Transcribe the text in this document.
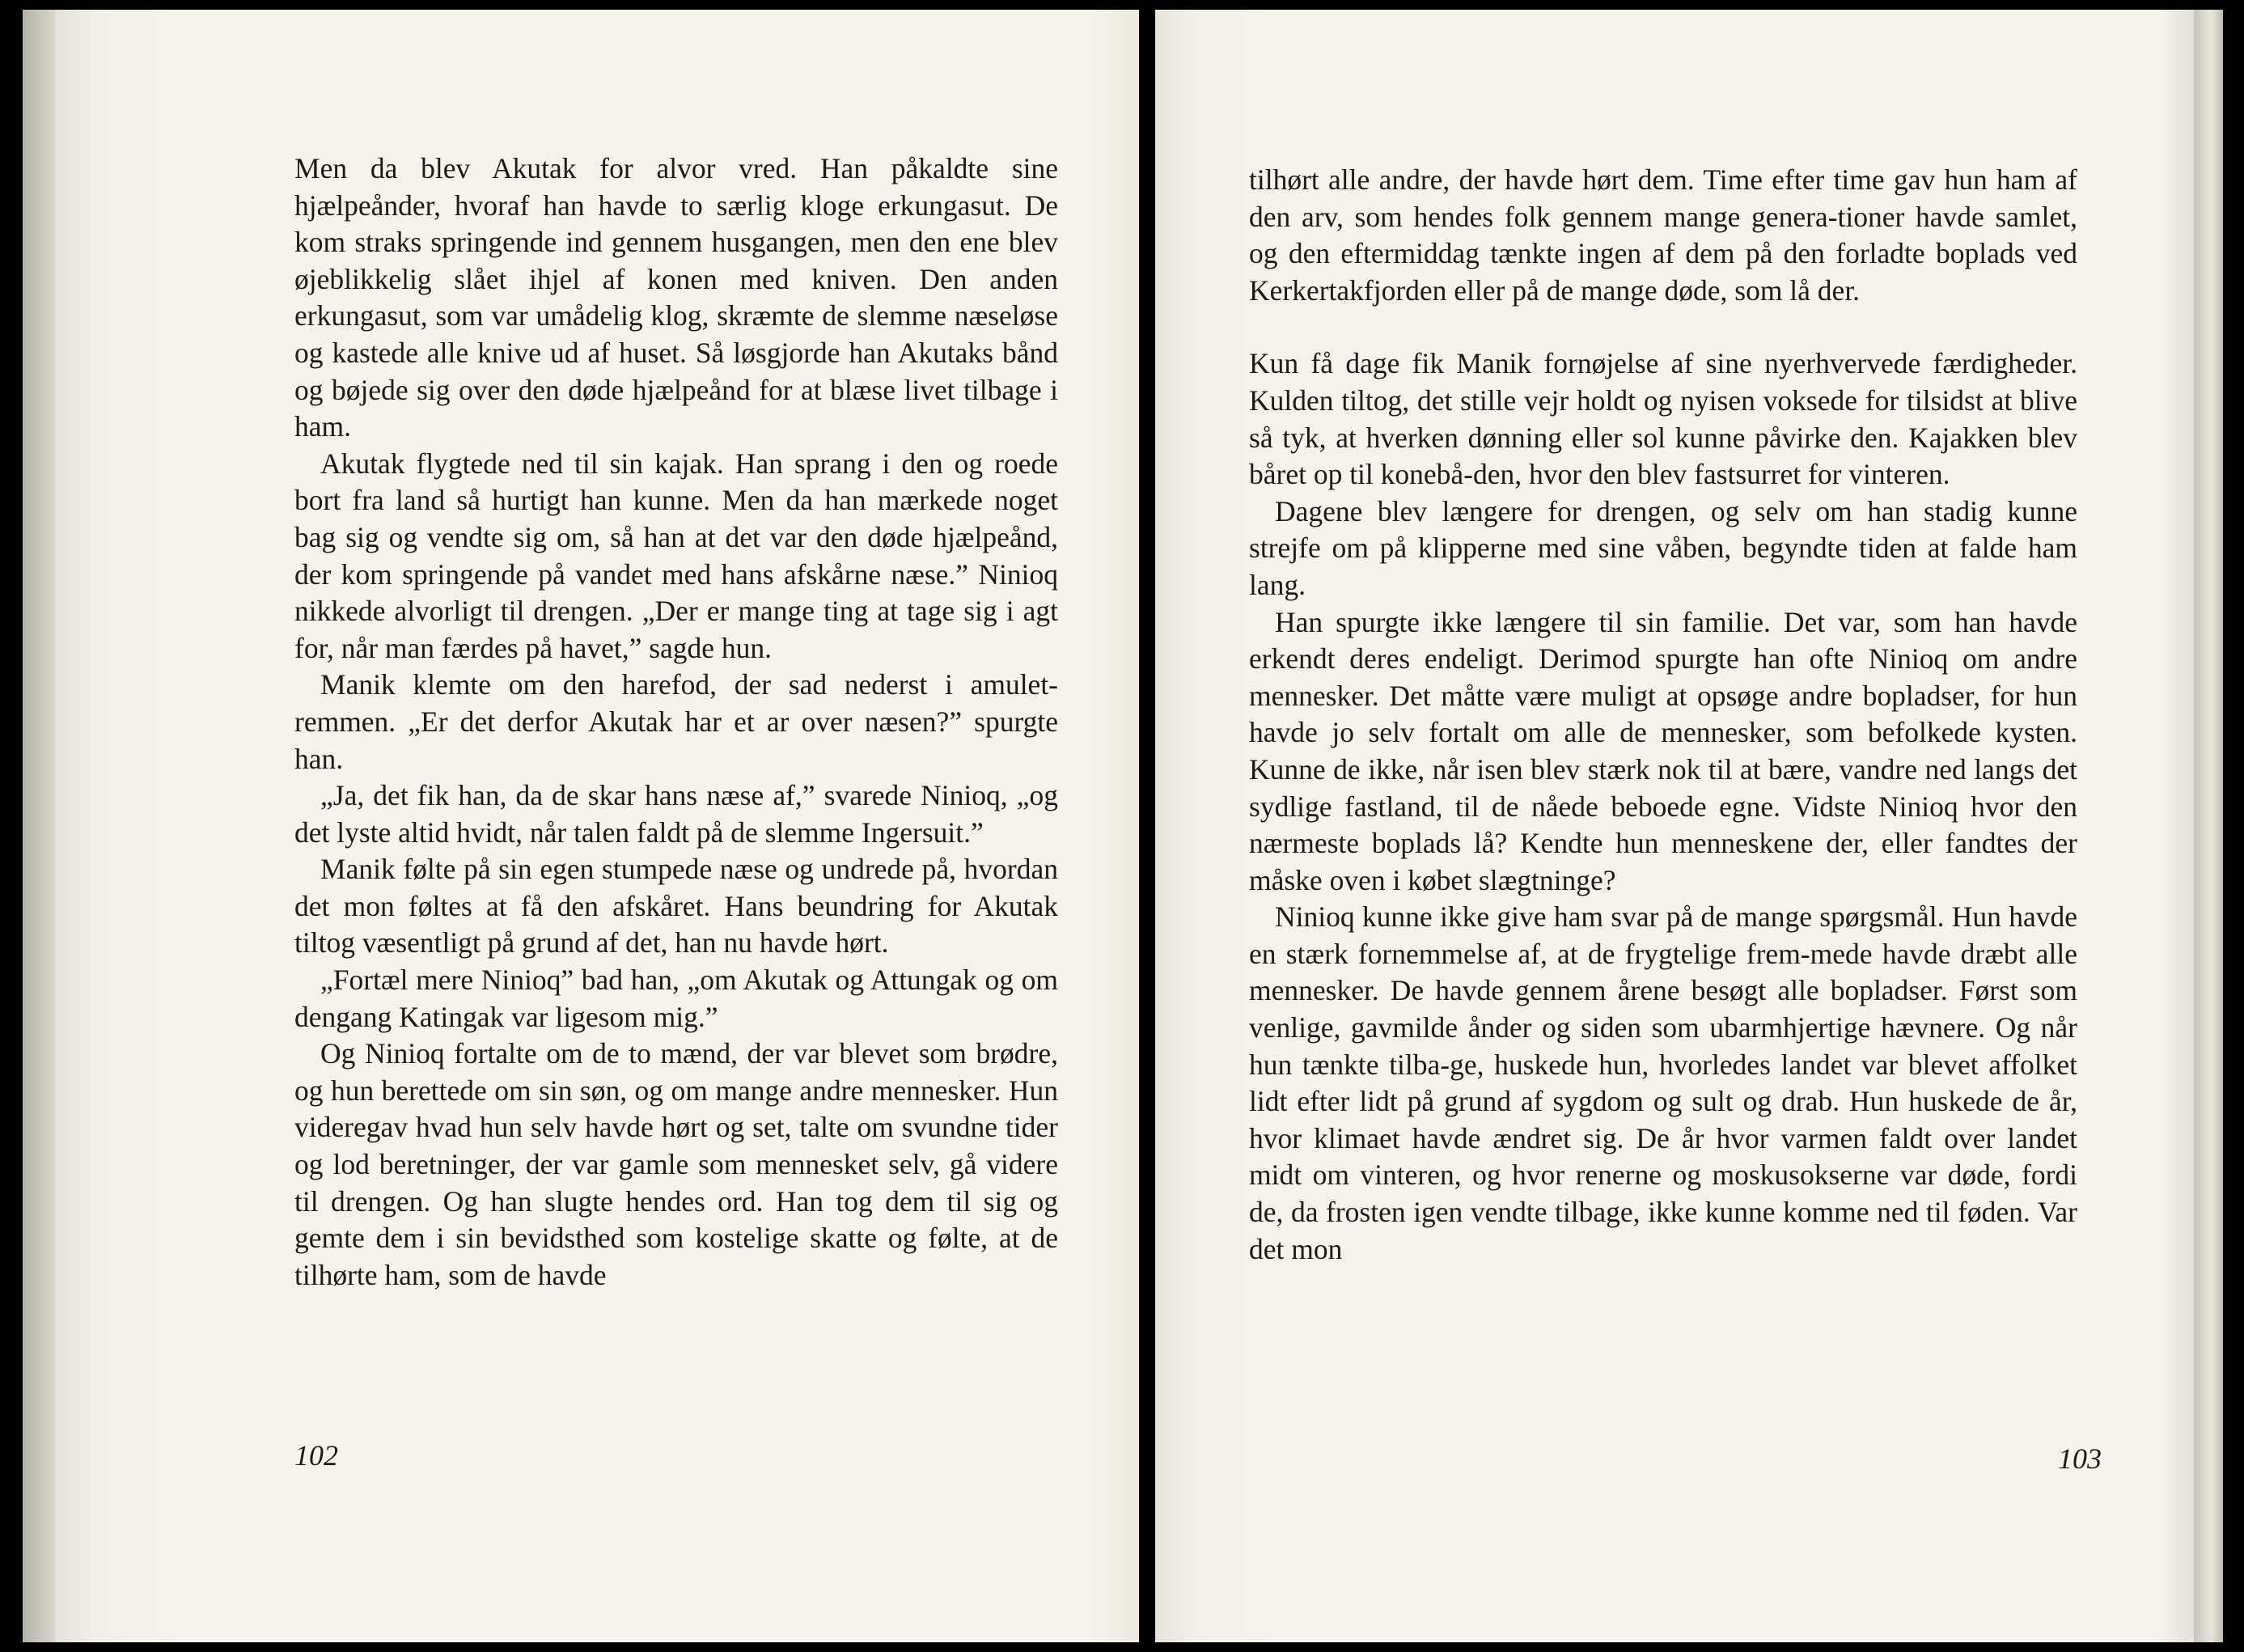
Men da blev Akutak for alvor vred. Han påkaldte sine hjælpeånder, hvoraf han havde to særlig kloge erkungasut. De kom straks springende ind gennem husgangen, men den ene blev øjeblikkelig slået ihjel af konen med kniven. Den anden erkungasut, som var umådelig klog, skræmte de slemme næseløse og kastede alle knive ud af huset. Så løsgjorde han Akutaks bånd og bøjede sig over den døde hjælpeånd for at blæse livet tilbage i ham.

Akutak flygtede ned til sin kajak. Han sprang i den og roede bort fra land så hurtigt han kunne. Men da han mærkede noget bag sig og vendte sig om, så han at det var den døde hjælpeånd, der kom springende på vandet med hans afskårne næse.” Ninioq nikkede alvorligt til drengen. „Der er mange ting at tage sig i agt for, når man færdes på havet,” sagde hun.

Manik klemte om den harefod, der sad nederst i amulet-remmen. „Er det derfor Akutak har et ar over næsen?” spurgte han.

„Ja, det fik han, da de skar hans næse af,” svarede Ninioq, „og det lyste altid hvidt, når talen faldt på de slemme Ingersuit.”

Manik følte på sin egen stumpede næse og undrede på, hvordan det mon føltes at få den afskåret. Hans beundring for Akutak tiltog væsentligt på grund af det, han nu havde hørt.

„Fortæl mere Ninioq” bad han, „om Akutak og Attungak og om dengang Katingak var ligesom mig.”

Og Ninioq fortalte om de to mænd, der var blevet som brødre, og hun berettede om sin søn, og om mange andre mennesker. Hun videregav hvad hun selv havde hørt og set, talte om svundne tider og lod beretninger, der var gamle som mennesket selv, gå videre til drengen. Og han slugte hendes ord. Han tog dem til sig og gemte dem i sin bevidsthed som kostelige skatte og følte, at de tilhørte ham, som de havde

102

tilhørt alle andre, der havde hørt dem. Time efter time gav hun ham af den arv, som hendes folk gennem mange genera-tioner havde samlet, og den eftermiddag tænkte ingen af dem på den forladte boplads ved Kerkertakfjorden eller på de mange døde, som lå der.

Kun få dage fik Manik fornøjelse af sine nyerhvervede færdigheder. Kulden tiltog, det stille vejr holdt og nyisen voksede for tilsidst at blive så tyk, at hverken dønning eller sol kunne påvirke den. Kajakken blev båret op til konebå-den, hvor den blev fastsurret for vinteren.

Dagene blev længere for drengen, og selv om han stadig kunne strejfe om på klipperne med sine våben, begyndte tiden at falde ham lang.

Han spurgte ikke længere til sin familie. Det var, som han havde erkendt deres endeligt. Derimod spurgte han ofte Ninioq om andre mennesker. Det måtte være muligt at opsøge andre bopladser, for hun havde jo selv fortalt om alle de mennesker, som befolkede kysten. Kunne de ikke, når isen blev stærk nok til at bære, vandre ned langs det sydlige fastland, til de nåede beboede egne. Vidste Ninioq hvor den nærmeste boplads lå? Kendte hun menneskene der, eller fandtes der måske oven i købet slægtninge?

Ninioq kunne ikke give ham svar på de mange spørgsmål. Hun havde en stærk fornemmelse af, at de frygtelige frem-mede havde dræbt alle mennesker. De havde gennem årene besøgt alle bopladser. Først som venlige, gavmilde ånder og siden som ubarmhjertige hævnere. Og når hun tænkte tilba-ge, huskede hun, hvorledes landet var blevet affolket lidt efter lidt på grund af sygdom og sult og drab. Hun huskede de år, hvor klimaet havde ændret sig. De år hvor varmen faldt over landet midt om vinteren, og hvor renerne og moskusokserne var døde, fordi de, da frosten igen vendte tilbage, ikke kunne komme ned til føden. Var det mon

103
